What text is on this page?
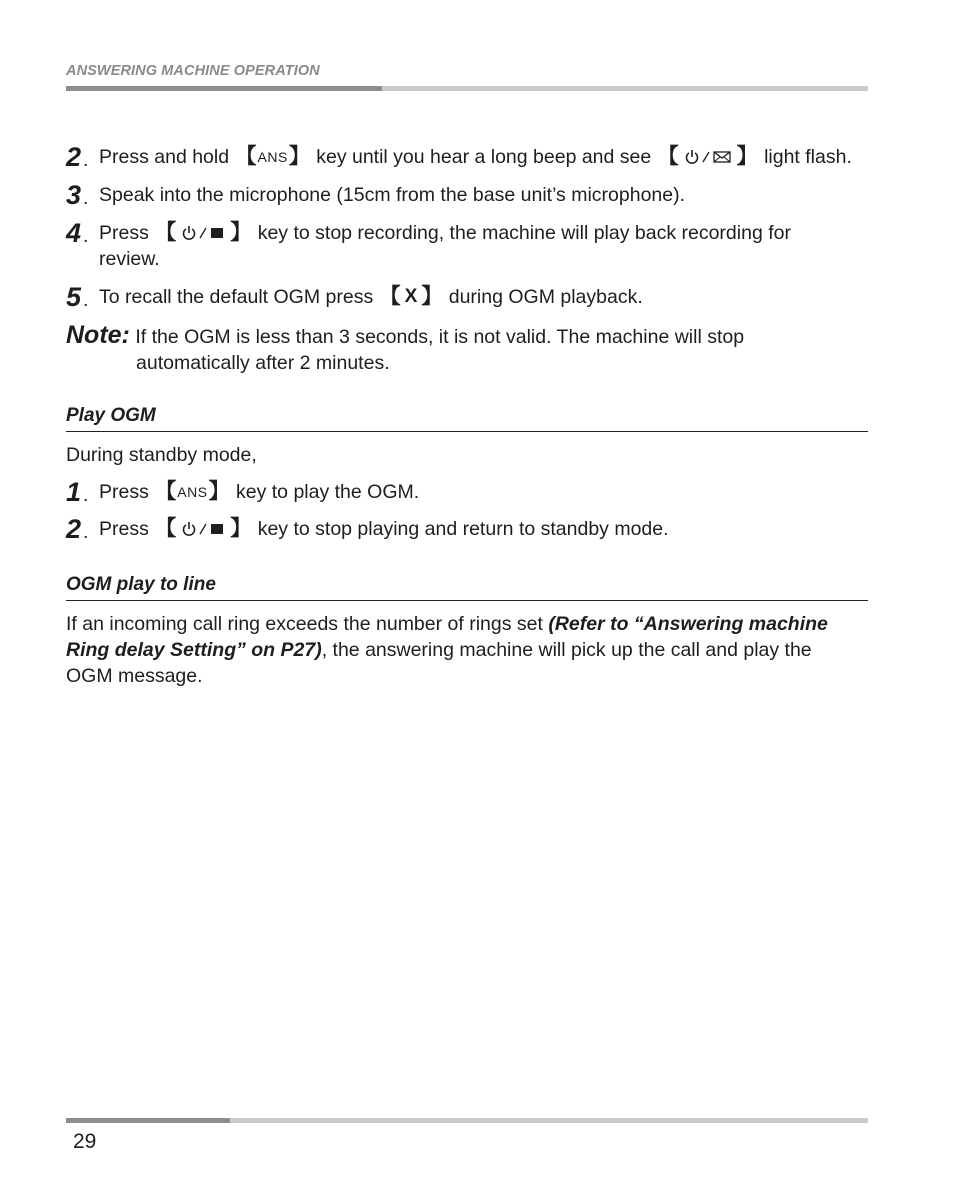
ANSWERING MACHINE OPERATION
2 . Press and hold 【 ANS 】 key until you hear a long beep and see 【	】 light flash.
3 . Speak into the microphone (15cm from the base unit’s microphone).
4 . Press 【	】 key to stop recording, the machine will play back recording for
review.
5 . To recall the default OGM press 【 X 】 during OGM playback.
Note: If the OGM is less than 3 seconds, it is not valid. The machine will stop
automatically after 2 minutes.
Play OGM
During standby mode,
1 . Press 【 ANS 】 key to play the OGM.
2 . Press 【	】 key to stop playing and return to standby mode.
OGM play to line
If an incoming call ring exceeds the number of rings set (Refer to “Answering machine
Ring delay Setting” on P27), the answering machine will pick up the call and play the
OGM message.
29
